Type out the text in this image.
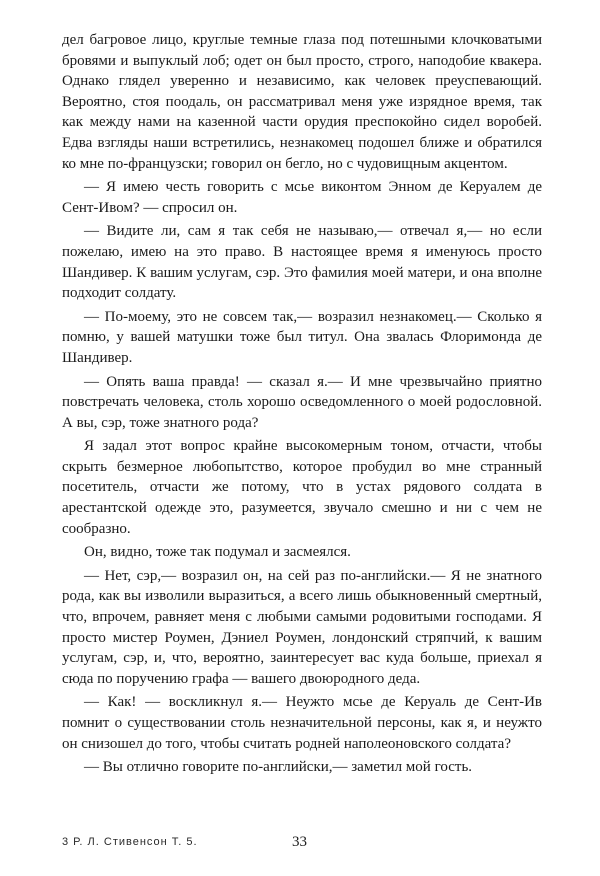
дел багровое лицо, круглые темные глаза под потешными клочковатыми бровями и выпуклый лоб; одет он был просто, строго, наподобие квакера. Однако глядел уверенно и независимо, как человек преуспевающий. Вероятно, стоя поодаль, он рассматривал меня уже изрядное время, так как между нами на казенной части орудия преспокойно сидел воробей. Едва взгляды наши встретились, незнакомец подошел ближе и обратился ко мне по-французски; говорил он бегло, но с чудовищным акцентом.

— Я имею честь говорить с мсье виконтом Энном де Керуалем де Сент-Ивом? — спросил он.

— Видите ли, сам я так себя не называю,— отвечал я,— но если пожелаю, имею на это право. В настоящее время я именуюсь просто Шандивер. К вашим услугам, сэр. Это фамилия моей матери, и она вполне подходит солдату.

— По-моему, это не совсем так,— возразил незнакомец.— Сколько я помню, у вашей матушки тоже был титул. Она звалась Флоримонда де Шандивер.

— Опять ваша правда! — сказал я.— И мне чрезвычайно приятно повстречать человека, столь хорошо осведомленного о моей родословной. А вы, сэр, тоже знатного рода?

Я задал этот вопрос крайне высокомерным тоном, отчасти, чтобы скрыть безмерное любопытство, которое пробудил во мне странный посетитель, отчасти же потому, что в устах рядового солдата в арестантской одежде это, разумеется, звучало смешно и ни с чем не сообразно.

Он, видно, тоже так подумал и засмеялся.

— Нет, сэр,— возразил он, на сей раз по-английски.— Я не знатного рода, как вы изволили выразиться, а всего лишь обыкновенный смертный, что, впрочем, равняет меня с любыми самыми родовитыми господами. Я просто мистер Роумен, Дэниел Роумен, лондонский стряпчий, к вашим услугам, сэр, и, что, вероятно, заинтересует вас куда больше, приехал я сюда по поручению графа — вашего двоюродного деда.

— Как! — воскликнул я.— Неужто мсье де Керуаль де Сент-Ив помнит о существовании столь незначительной персоны, как я, и неужто он снизошел до того, чтобы считать родней наполеоновского солдата?

— Вы отлично говорите по-английски,— заметил мой гость.

3 Р. Л. Стивенсон Т. 5.	33
